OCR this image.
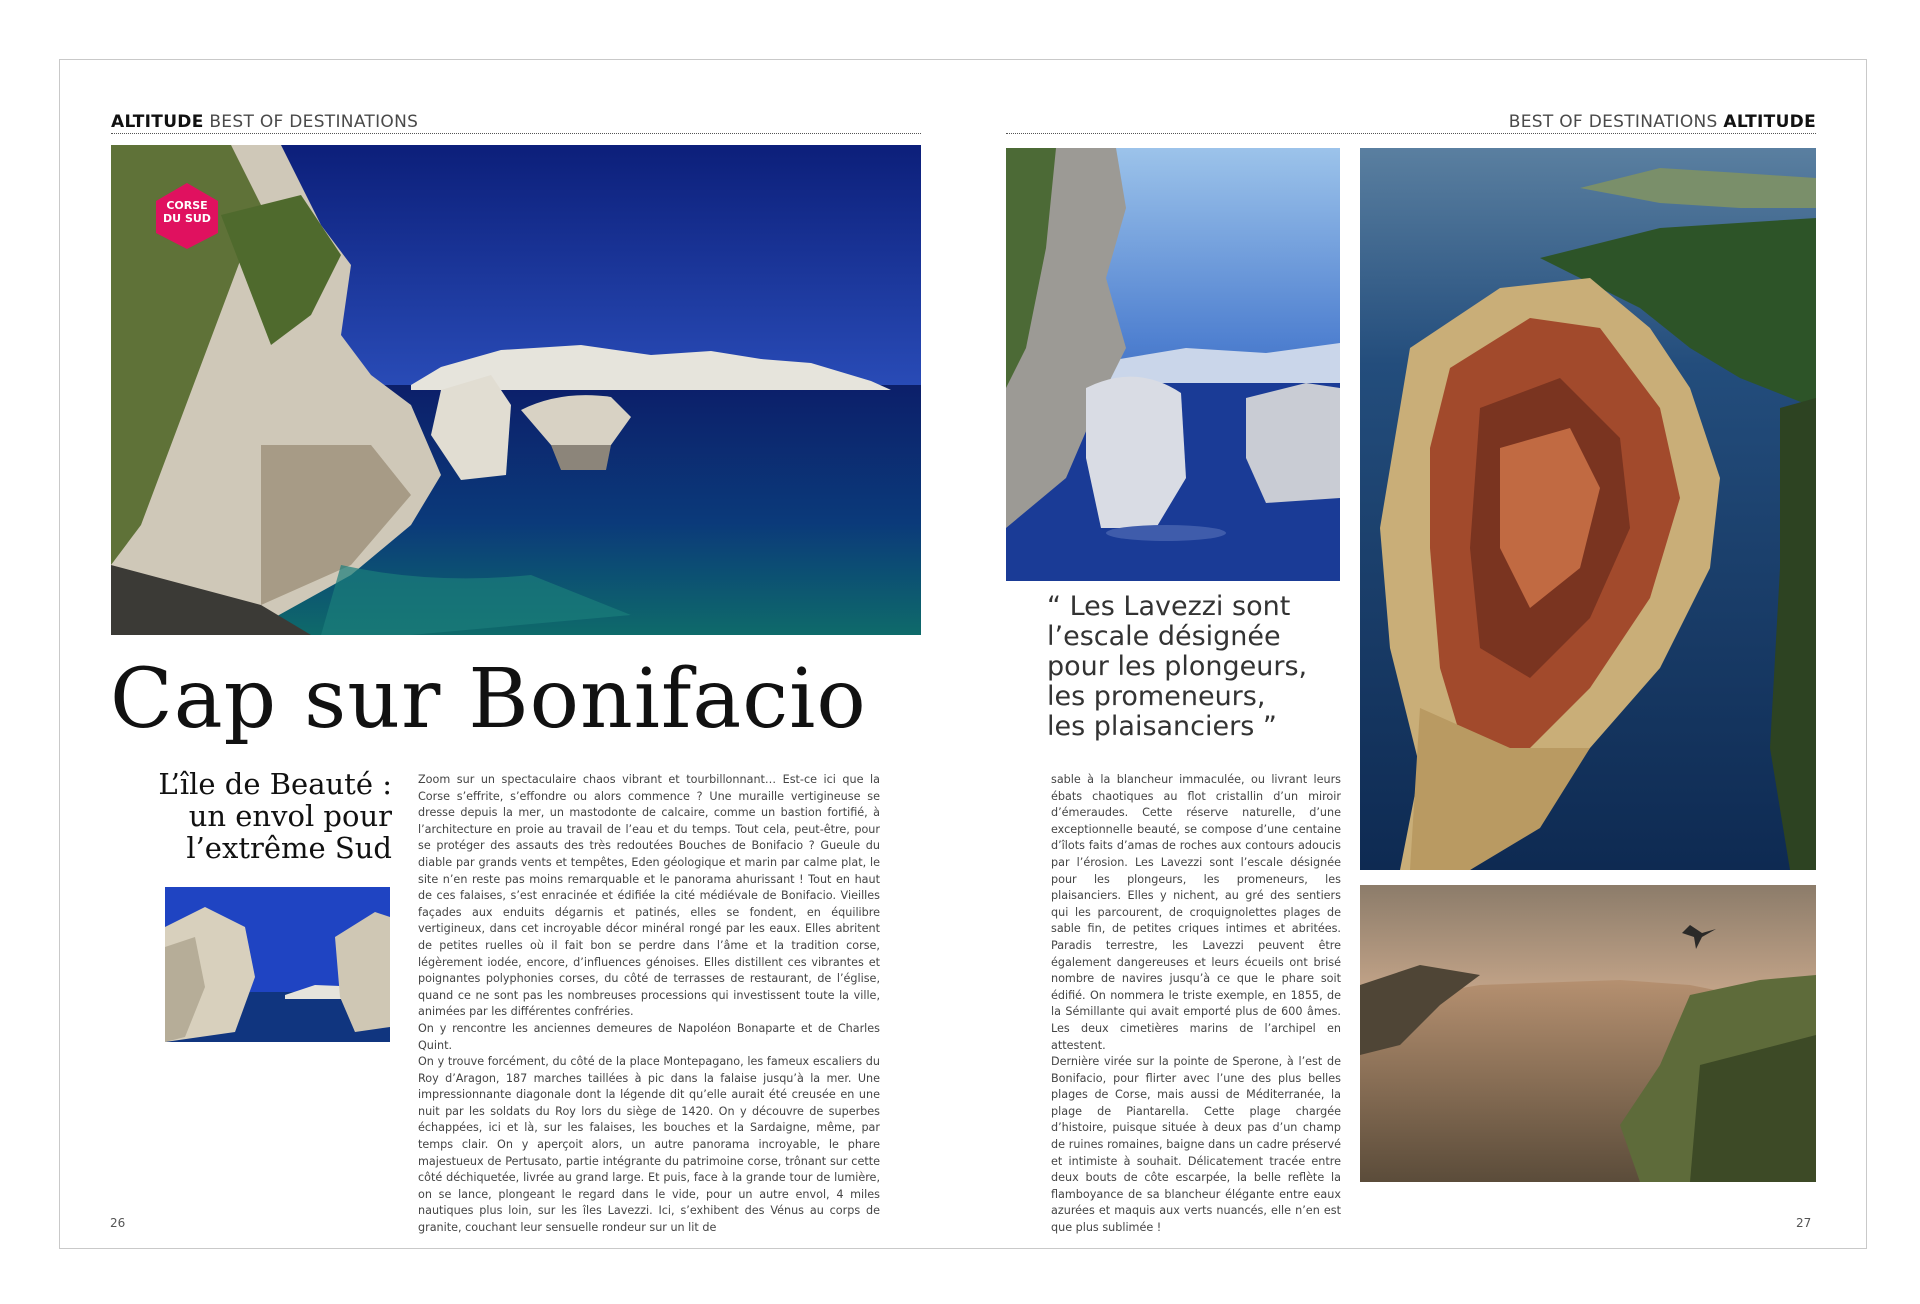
ALTITUDE BEST OF DESTINATIONS
CORSE
DU SUD
Cap sur Bonifacio
L’île de Beauté :
un envol pour
l’extrême Sud

Zoom sur un spectaculaire chaos vibrant et tourbillonnant… Est-ce ici que la Corse s’effrite, s’effondre ou alors commence ? Une muraille vertigineuse se dresse depuis la mer, un mastodonte de calcaire, comme un bastion fortifié, à l’architecture en proie au travail de l’eau et du temps. Tout cela, peut-être, pour se protéger des assauts des très redoutées Bouches de Bonifacio ? Gueule du diable par grands vents et tempêtes, Eden géologique et marin par calme plat, le site n’en reste pas moins remarquable et le panorama ahurissant ! Tout en haut de ces falaises, s’est enracinée et édifiée la cité médiévale de Bonifacio. Vieilles façades aux enduits dégarnis et patinés, elles se fondent, en équilibre vertigineux, dans cet incroyable décor minéral rongé par les eaux. Elles abritent de petites ruelles où il fait bon se perdre dans l’âme et la tradition corse, légèrement iodée, encore, d’influences génoises. Elles distillent ces vibrantes et poignantes polyphonies corses, du côté de terrasses de restaurant, de l’église, quand ce ne sont pas les nombreuses processions qui investissent toute la ville, animées par les différentes confréries.

On y rencontre les anciennes demeures de Napoléon Bonaparte et de Charles Quint.

On y trouve forcément, du côté de la place Montepagano, les fameux escaliers du Roy d’Aragon, 187 marches taillées à pic dans la falaise jusqu’à la mer. Une impressionnante diagonale dont la légende dit qu’elle aurait été creusée en une nuit par les soldats du Roy lors du siège de 1420. On y découvre de superbes échappées, ici et là, sur les falaises, les bouches et la Sardaigne, même, par temps clair. On y aperçoit alors, un autre panorama incroyable, le phare majestueux de Pertusato, partie intégrante du patrimoine corse, trônant sur cette côté déchiquetée, livrée au grand large. Et puis, face à la grande tour de lumière, on se lance, plongeant le regard dans le vide, pour un autre envol, 4 miles nautiques plus loin, sur les îles Lavezzi. Ici, s’exhibent des Vénus au corps de granite, couchant leur sensuelle rondeur sur un lit de

26
BEST OF DESTINATIONS ALTITUDE
“ Les Lavezzi sont
l’escale désignée
pour les plongeurs,
les promeneurs,
les plaisanciers ”

sable à la blancheur immaculée, ou livrant leurs ébats chaotiques au flot cristallin d’un miroir d’émeraudes. Cette réserve naturelle, d’une exceptionnelle beauté, se compose d’une centaine d’îlots faits d’amas de roches aux contours adoucis par l’érosion. Les Lavezzi sont l’escale désignée pour les plongeurs, les promeneurs, les plaisanciers. Elles y nichent, au gré des sentiers qui les parcourent, de croquignolettes plages de sable fin, de petites criques intimes et abritées. Paradis terrestre, les Lavezzi peuvent être également dangereuses et leurs écueils ont brisé nombre de navires jusqu’à ce que le phare soit édifié. On nommera le triste exemple, en 1855, de la Sémillante qui avait emporté plus de 600 âmes. Les deux cimetières marins de l’archipel en attestent.

Dernière virée sur la pointe de Sperone, à l’est de Bonifacio, pour flirter avec l’une des plus belles plages de Corse, mais aussi de Méditerranée, la plage de Piantarella. Cette plage chargée d’histoire, puisque située à deux pas d’un champ de ruines romaines, baigne dans un cadre préservé et intimiste à souhait. Délicatement tracée entre deux bouts de côte escarpée, la belle reflète la flamboyance de sa blancheur élégante entre eaux azurées et maquis aux verts nuancés, elle n’en est que plus sublimée !	27
